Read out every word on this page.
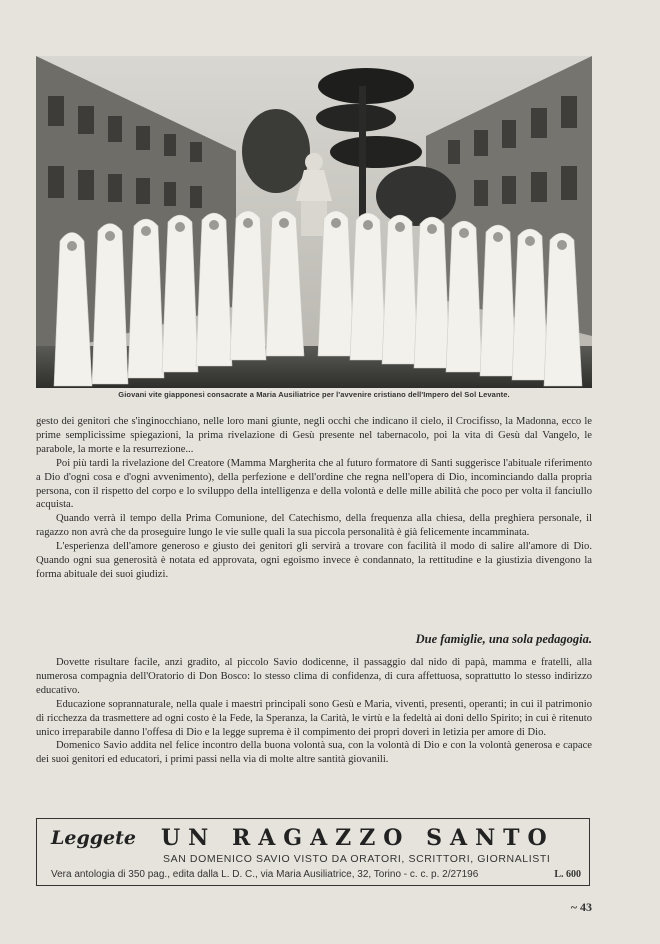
Giovani vite giapponesi consacrate a Maria Ausiliatrice per l'avvenire cristiano dell'Impero del Sol Levante.

gesto dei genitori che s'inginocchiano, nelle loro mani giunte, negli occhi che indicano il cielo, il Crocifisso, la Madonna, ecco le prime semplicissime spiegazioni, la prima rivelazione di Gesù presente nel tabernacolo, poi la vita di Gesù dal Vangelo, le parabole, la morte e la resurrezione...

Poi più tardi la rivelazione del Creatore (Mamma Margherita che al futuro formatore di Santi suggerisce l'abituale riferimento a Dio d'ogni cosa e d'ogni avvenimento), della perfezione e dell'ordine che regna nell'opera di Dio, incominciando dalla propria persona, con il rispetto del corpo e lo sviluppo della intelligenza e della volontà e delle mille abilità che poco per volta il fanciullo acquista.

Quando verrà il tempo della Prima Comunione, del Catechismo, della frequenza alla chiesa, della preghiera personale, il ragazzo non avrà che da proseguire lungo le vie sulle quali la sua piccola personalità è già felicemente incamminata.

L'esperienza dell'amore generoso e giusto dei genitori gli servirà a trovare con facilità il modo di salire all'amore di Dio. Quando ogni sua generosità è notata ed approvata, ogni egoismo invece è condannato, la rettitudine e la giustizia divengono la forma abituale dei suoi giudizi.

Due famiglie, una sola pedagogia.

Dovette risultare facile, anzi gradito, al piccolo Savio dodicenne, il passaggio dal nido di papà, mamma e fratelli, alla numerosa compagnia dell'Oratorio di Don Bosco: lo stesso clima di confidenza, di cura affettuosa, soprattutto lo stesso indirizzo educativo.

Educazione soprannaturale, nella quale i maestri principali sono Gesù e Maria, viventi, presenti, operanti; in cui il patrimonio di ricchezza da trasmettere ad ogni costo è la Fede, la Speranza, la Carità, le virtù e la fedeltà ai doni dello Spirito; in cui è ritenuto unico irreparabile danno l'offesa di Dio e la legge suprema è il compimento dei propri doveri in letizia per amore di Dio.

Domenico Savio addita nel felice incontro della buona volontà sua, con la volontà di Dio e con la volontà generosa e capace dei suoi genitori ed educatori, i primi passi nella via di molte altre santità giovanili.

Leggete UN RAGAZZO SANTO
SAN DOMENICO SAVIO VISTO DA ORATORI, SCRITTORI, GIORNALISTI
Vera antologia di 350 pag., edita dalla L. D. C., via Maria Ausiliatrice, 32, Torino - c. c. p. 2/27196	L. 600
~ 43
